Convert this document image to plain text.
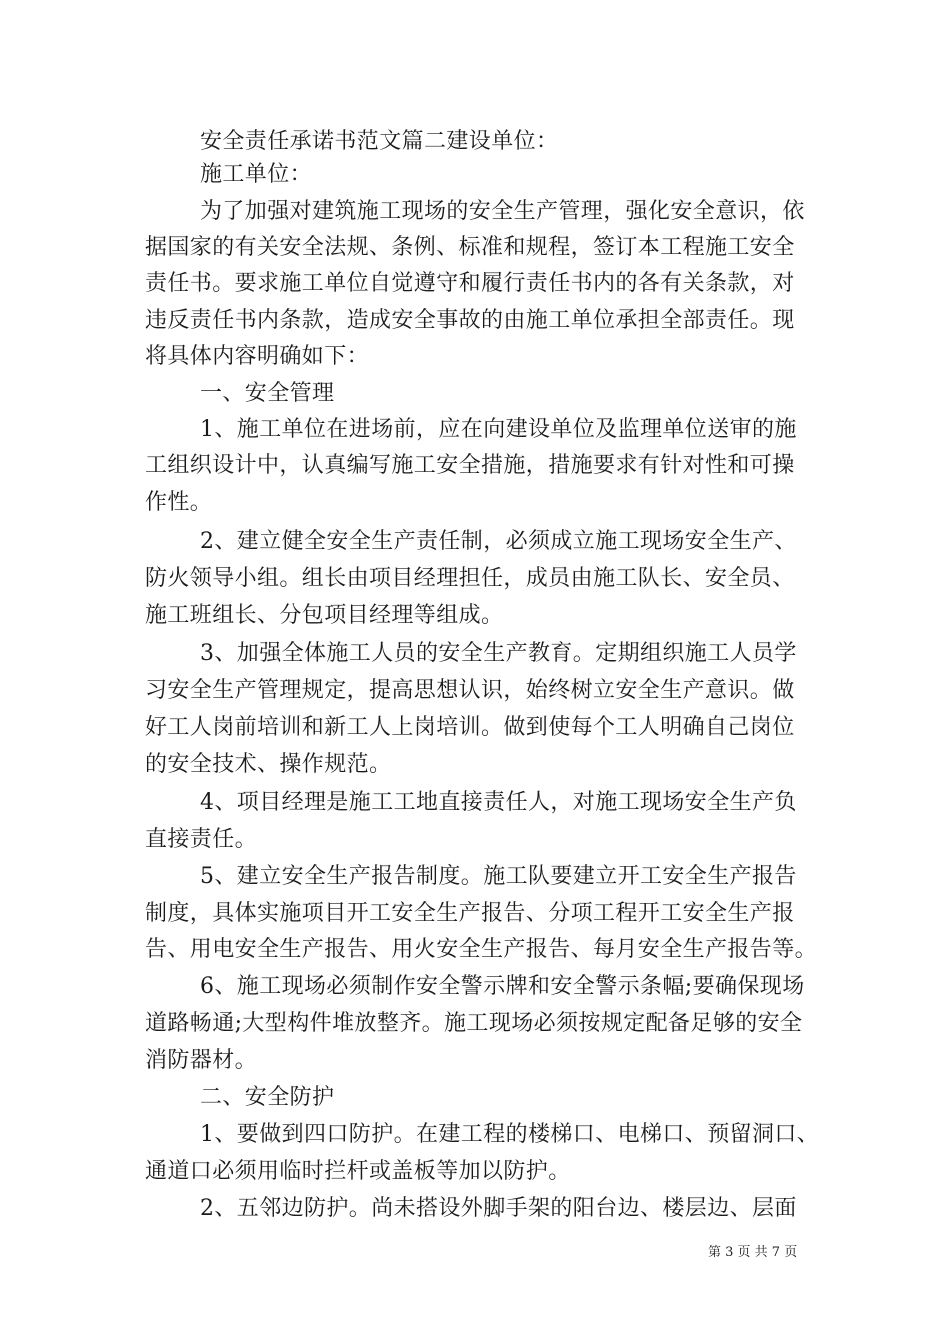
安全责任承诺书范文篇二建设单位：
施工单位：
为了加强对建筑施工现场的安全生产管理，强化安全意识，依
据国家的有关安全法规、条例、标准和规程，签订本工程施工安全
责任书。要求施工单位自觉遵守和履行责任书内的各有关条款，对
违反责任书内条款，造成安全事故的由施工单位承担全部责任。现
将具体内容明确如下：
一、安全管理
1、施工单位在进场前，应在向建设单位及监理单位送审的施
工组织设计中，认真编写施工安全措施，措施要求有针对性和可操
作性。
2、建立健全安全生产责任制，必须成立施工现场安全生产、
防火领导小组。组长由项目经理担任，成员由施工队长、安全员、
施工班组长、分包项目经理等组成。
3、加强全体施工人员的安全生产教育。定期组织施工人员学
习安全生产管理规定，提高思想认识，始终树立安全生产意识。做
好工人岗前培训和新工人上岗培训。做到使每个工人明确自己岗位
的安全技术、操作规范。
4、项目经理是施工工地直接责任人，对施工现场安全生产负
直接责任。
5、建立安全生产报告制度。施工队要建立开工安全生产报告
制度，具体实施项目开工安全生产报告、分项工程开工安全生产报
告、用电安全生产报告、用火安全生产报告、每月安全生产报告等。
6、施工现场必须制作安全警示牌和安全警示条幅;要确保现场
道路畅通;大型构件堆放整齐。施工现场必须按规定配备足够的安全
消防器材。
二、安全防护
1、要做到四口防护。在建工程的楼梯口、电梯口、预留洞口、
通道口必须用临时拦杆或盖板等加以防护。
2、五邻边防护。尚未搭设外脚手架的阳台边、楼层边、层面
第 3 页 共 7 页
